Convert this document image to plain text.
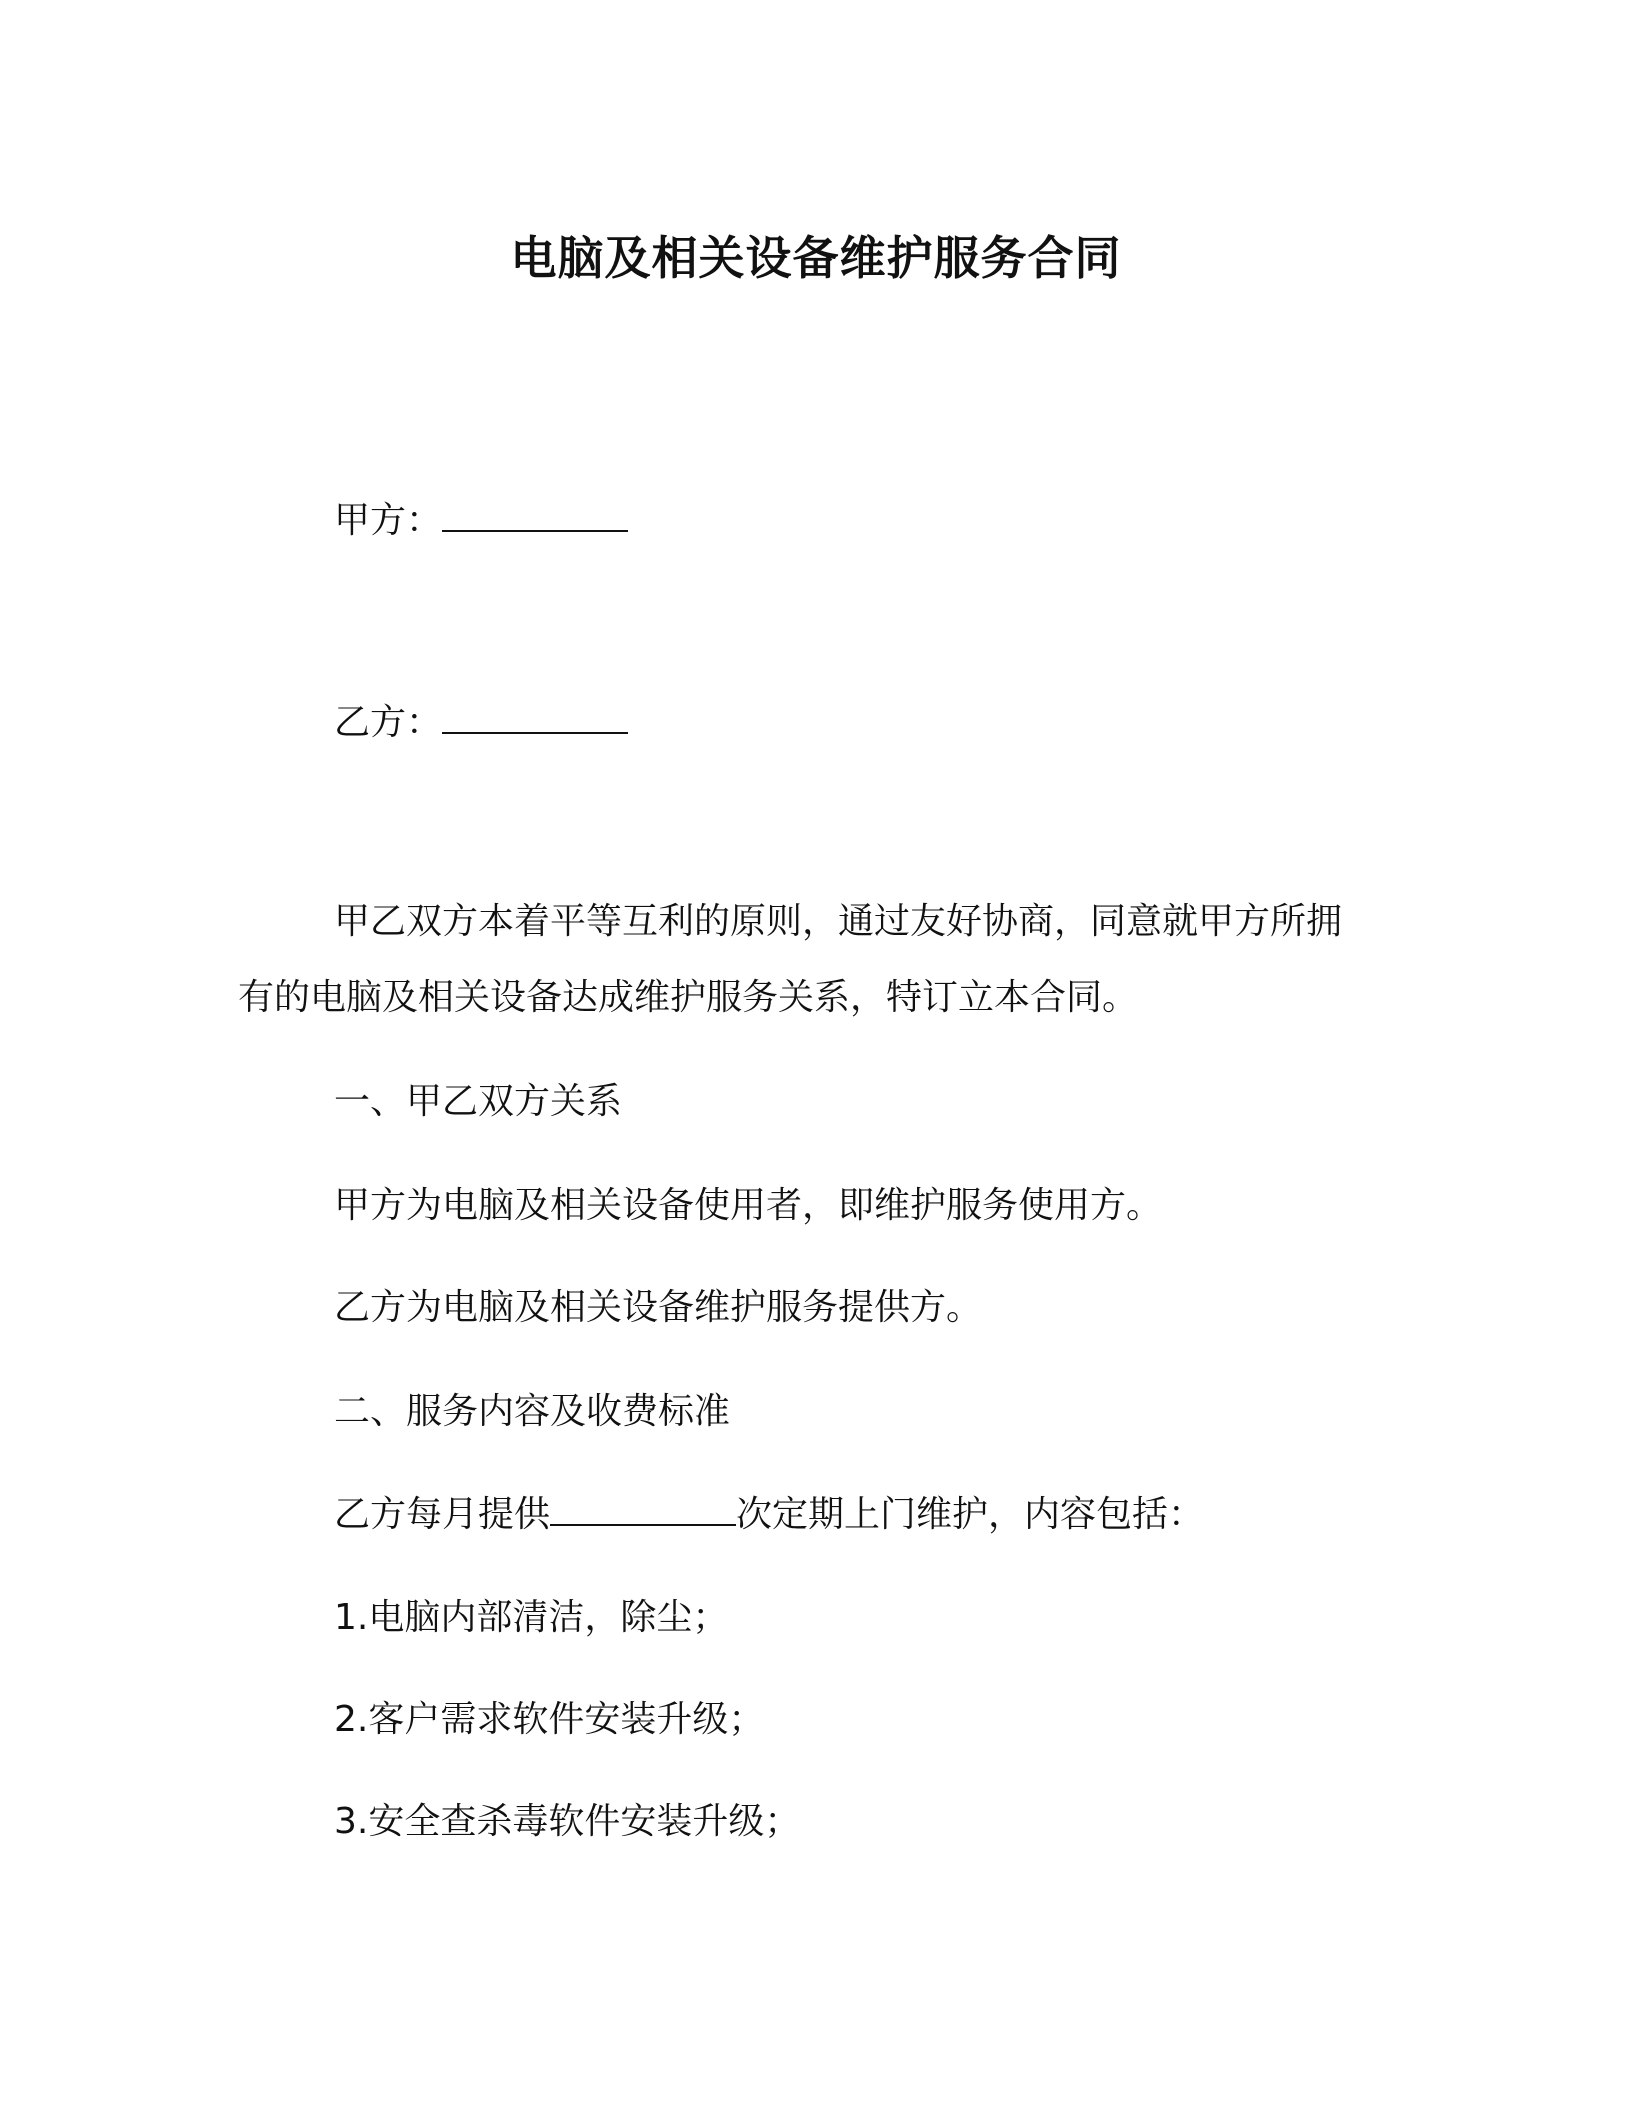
电脑及相关设备维护服务合同

甲方：

乙方：

甲乙双方本着平等互利的原则，通过友好协商，同意就甲方所拥

有的电脑及相关设备达成维护服务关系，特订立本合同。

一、甲乙双方关系

甲方为电脑及相关设备使用者，即维护服务使用方。

乙方为电脑及相关设备维护服务提供方。

二、服务内容及收费标准

乙方每月提供	次定期上门维护，内容包括：

1.电脑内部清洁，除尘；

2.客户需求软件安装升级；

3.安全查杀毒软件安装升级；
